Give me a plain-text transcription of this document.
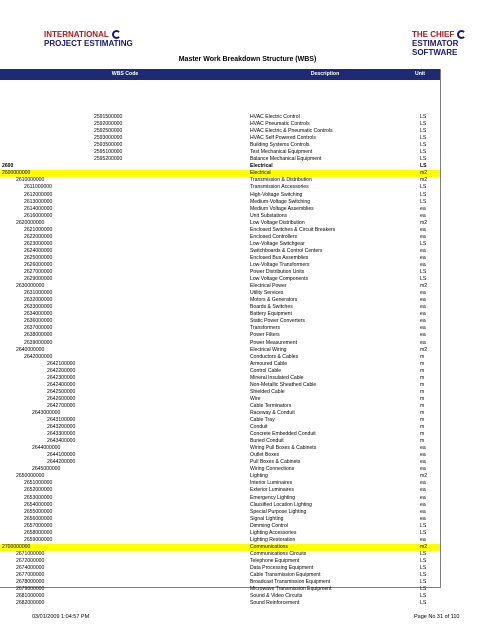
INTERNATIONAL
PROJECT ESTIMATING
THE CHIEF
ESTIMATOR SOFTWARE
Master Work Breakdown Structure (WBS)
WBS Code	Description	Unit
2591500000	HVAC Electric Control	LS
2592000000	HVAC Pneumatic Controls	LS
2592500000	HVAC Electric & Pneumatic Controls	LS
2593000000	HVAC Self Powered Controls	LS
2593500000	Building Systems Controls	LS
2595100000	Test Mechanical Equipment	LS
2595200000	Balance Mechanical Equipment	LS
2600	Electrical	LS
2600000000	Electrical	m2
2610000000	Transmission & Distribution	m2
2611000000	Transmission Accessories	LS
2612000000	High-Voltage Switching	LS
2613000000	Medium-Voltage Switching	LS
2614000000	Medium Voltage Assemblies	ea
2616000000	Unit Substations	ea
2620000000	Low Voltage Distribution	m2
2621000000	Enclosed Switches & Circuit Breakers	ea
2622000000	Enclosed Controllers	ea
2623000000	Low-Voltage Switchgear	LS
2624000000	Switchboards & Control Centers	ea
2625000000	Enclosed Bus Assemblies	ea
2626000000	Low-Voltage Transformers	ea
2627000000	Power Distribution Units	LS
2629000000	Low Voltage Components	LS
2630000000	Electrical Power	m2
2631000000	Utility Services	ea
2632000000	Motors & Generators	ea
2633000000	Boards & Switches	ea
2634000000	Battery Equipment	ea
2636000000	Static Power Converters	ea
2637000000	Transformers	ea
2638000000	Power Filters	ea
2639000000	Power Measurement	ea
2640000000	Electrical Wiring	m2
2642000000	Conductors & Cables	m
2642100000	Armoured Cable	m
2642200000	Control Cable	m
2642300000	Mineral Insulated Cable	m
2642400000	Non-Metallic Sheathed Cable	m
2642500000	Shielded Cable	m
2642600000	Wire	m
2642700000	Cable Terminators	m
2643000000	Raceway & Conduit	m
2643100000	Cable Tray	m
2643200000	Conduit	m
2643300000	Concrete Embedded Conduit	m
2643400000	Buried Conduit	m
2644000000	Wiring Pull Boxes & Cabinets	ea
2644100000	Outlet Boxes	ea
2644200000	Pull Boxes & Cabinets	ea
2645000000	Wiring Connections	ea
2650000000	Lighting	m2
2651000000	Interior Luminaires	ea
2652000000	Exterior Luminaires	ea
2653000000	Emergency Lighting	ea
2654000000	Classified Location Lighting	ea
2655000000	Special Purpose Lighting	ea
2656000000	Signal Lighting	ea
2657000000	Dimming Control	LS
2658000000	Lighting Accessories	LS
2659000000	Lighting Restoration	ea
2700000000	Communications	m2
2671000000	Communications Circuits	LS
2672000000	Telephone Equipment	LS
2674000000	Data Processing Equipment	LS
2677000000	Cable Transmission Equipment	LS
2678000000	Broadcast Transmission Equipment	LS
2679000000	Microwave Transmission Equipment	LS
2681000000	Sound & Video Circuits	LS
2682000000	Sound Reinforcement	LS
03/01/2009 1:04:57 PM	Page No 31 of 110
